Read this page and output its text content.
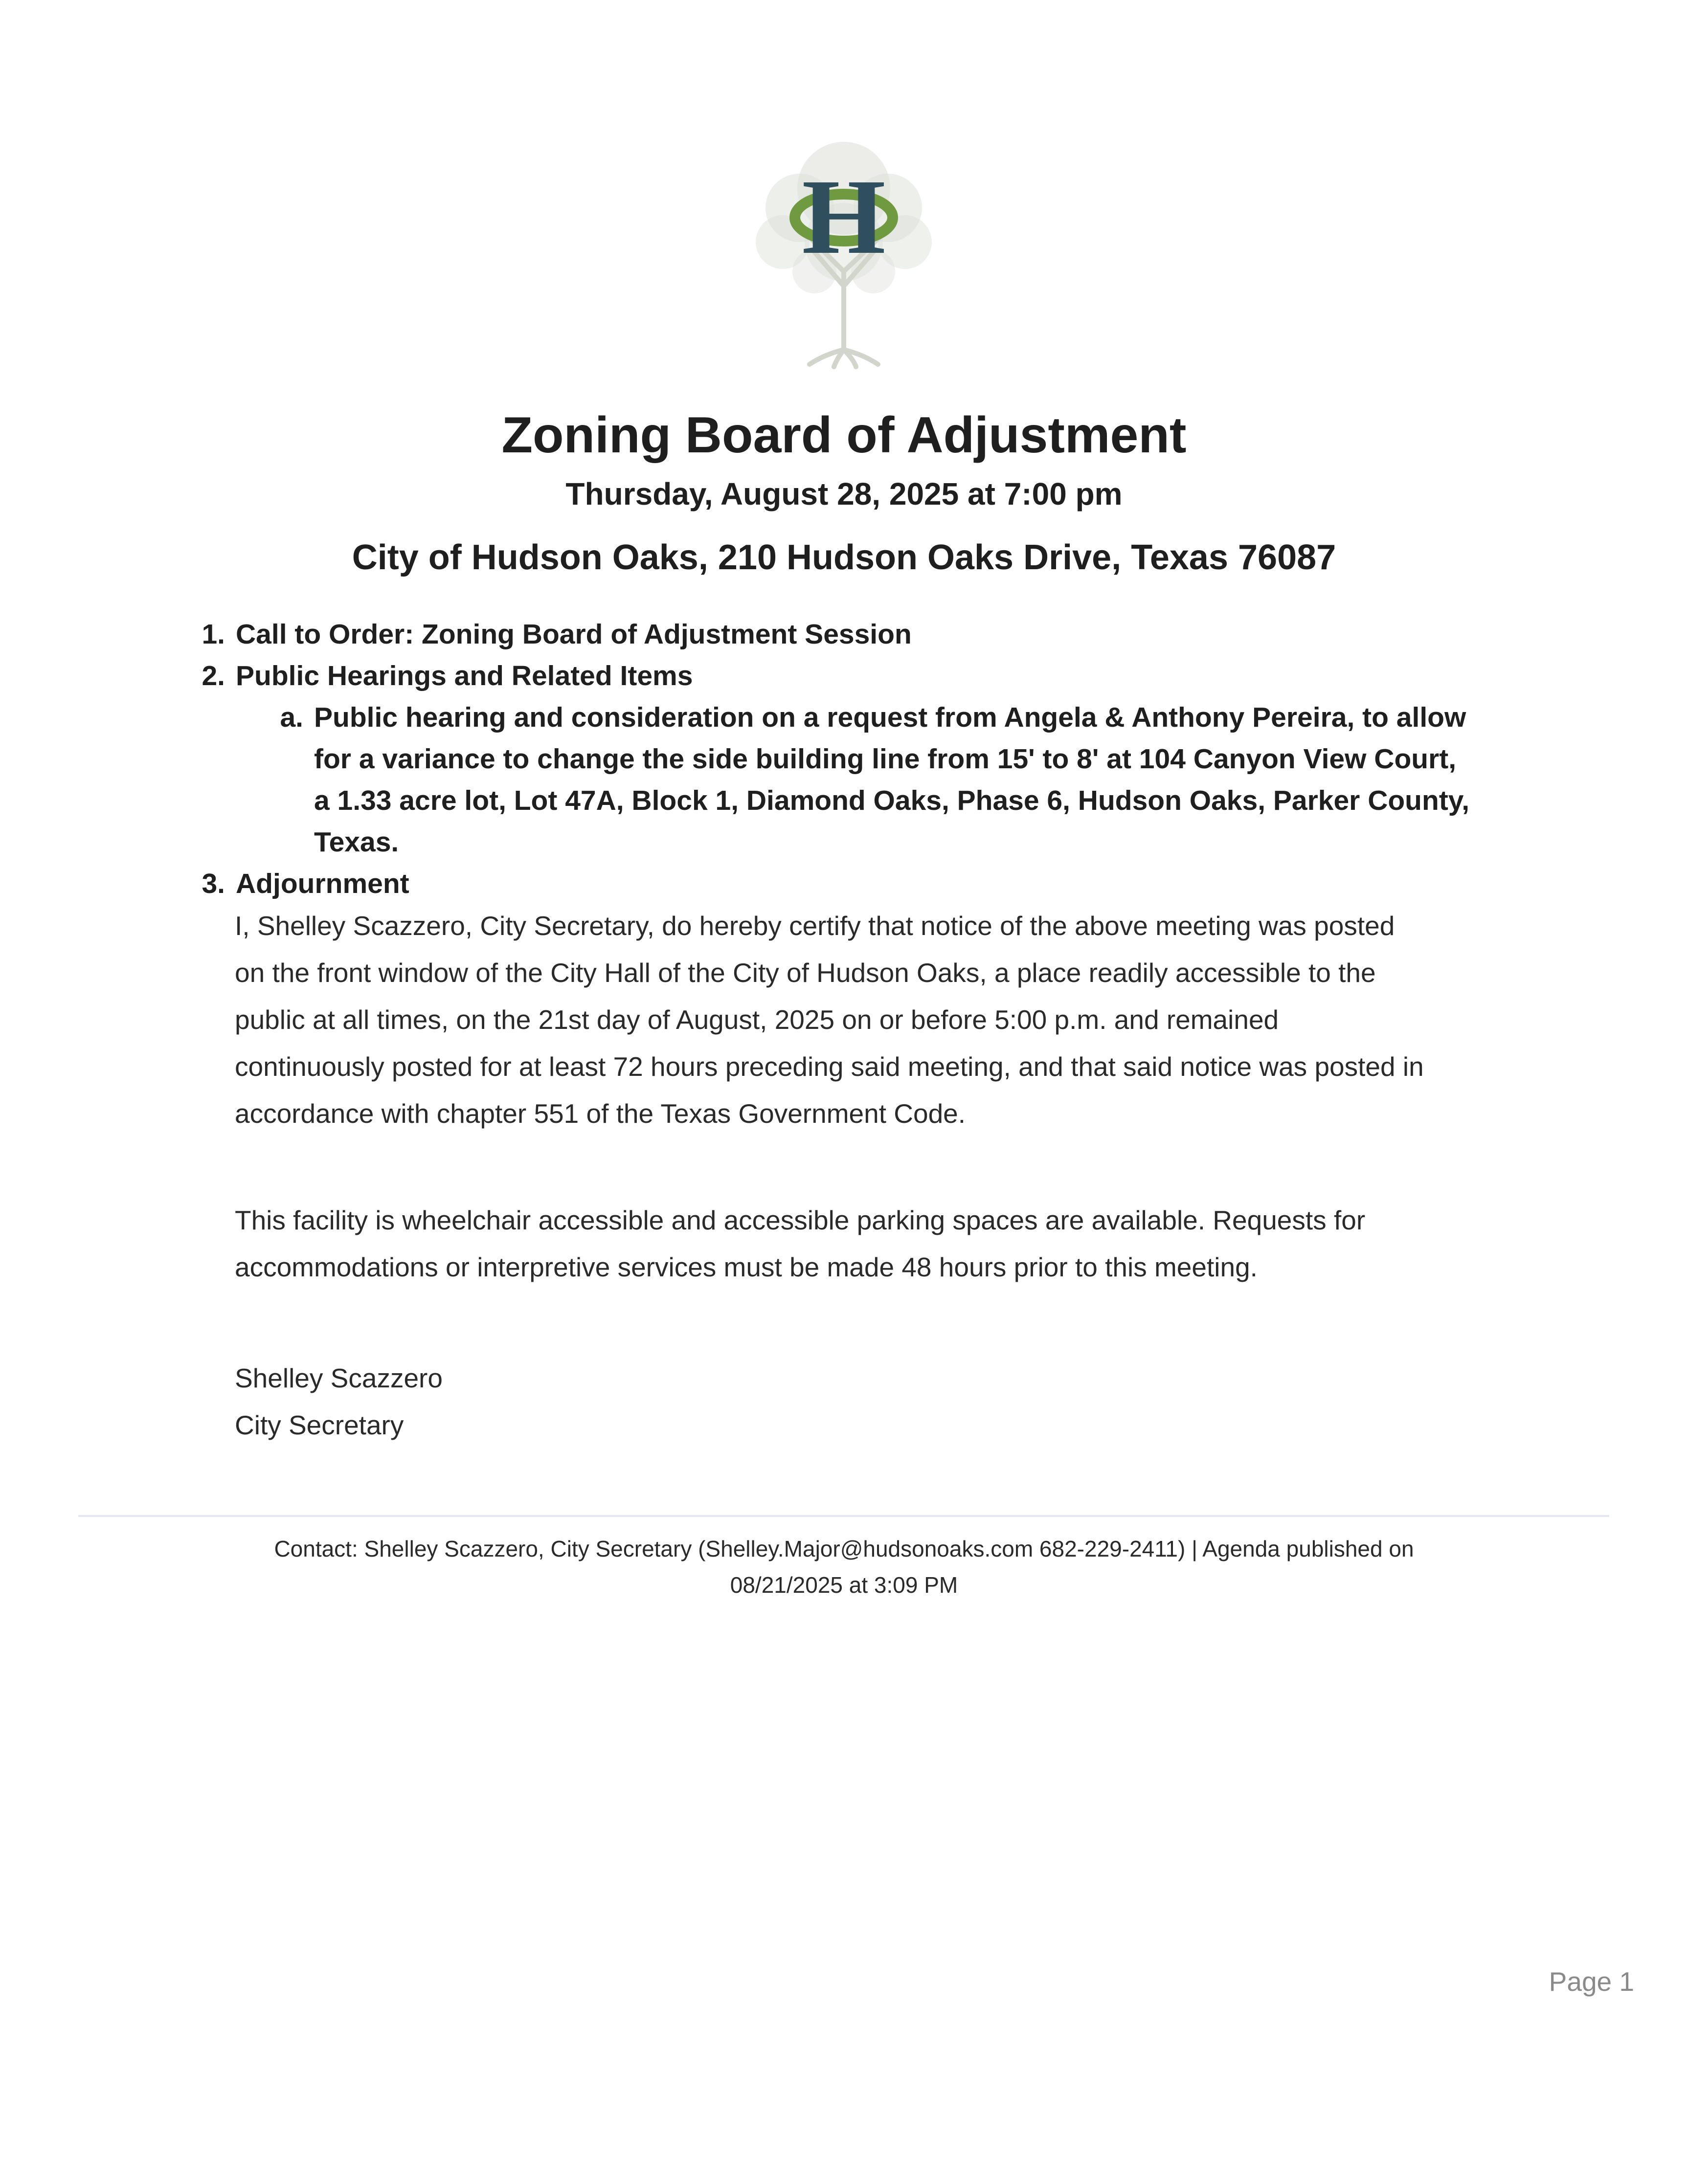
H
Zoning Board of Adjustment
Thursday, August 28, 2025 at 7:00 pm
City of Hudson Oaks, 210 Hudson Oaks Drive, Texas 76087
1. Call to Order: Zoning Board of Adjustment Session
2. Public Hearings and Related Items
a. Public hearing and consideration on a request from Angela & Anthony Pereira, to allow
for a variance to change the side building line from 15' to 8' at 104 Canyon View Court,
a 1.33 acre lot, Lot 47A, Block 1, Diamond Oaks, Phase 6, Hudson Oaks, Parker County,
Texas.
3. Adjournment
I, Shelley Scazzero, City Secretary, do hereby certify that notice of the above meeting was posted
on the front window of the City Hall of the City of Hudson Oaks, a place readily accessible to the
public at all times, on the 21st day of August, 2025 on or before 5:00 p.m. and remained
continuously posted for at least 72 hours preceding said meeting, and that said notice was posted in
accordance with chapter 551 of the Texas Government Code.
This facility is wheelchair accessible and accessible parking spaces are available. Requests for
accommodations or interpretive services must be made 48 hours prior to this meeting.
Shelley Scazzero
City Secretary
Contact: Shelley Scazzero, City Secretary (Shelley.Major@hudsonoaks.com 682-229-2411) | Agenda published on
08/21/2025 at 3:09 PM
Page 1
